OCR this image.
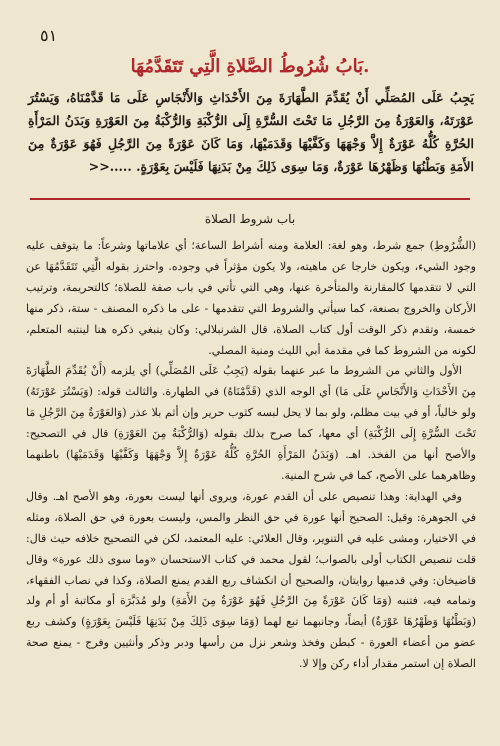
٥١
بَابُ شُرُوطُ الصَّلاةِ الَّتِي تَتَقَدَّمُهَا.
يَجِبُ عَلَى المُصَلِّي أَنْ يُقَدِّمَ الطَّهَارَةَ مِنَ الأَحْدَاثِ وَالأَنْجَاسِ عَلَى مَا قَدَّمْنَاهُ، وَيَسْتُرَ عَوْرَتَهُ، وَالعَوْرَةُ مِنَ الرَّجُلِ مَا تَحْتَ السُّرَّةِ إِلَى الرُّكْبَةِ وَالرُّكْبَةُ مِنَ العَوْرَةِ وَبَدَنُ المَرْأَةِ الحُرَّةِ كُلُّهُ عَوْرَةٌ إِلاَّ وَجْهَهَا وَكَفَّيْهَا وَقَدَمَيْهَا، وَمَا كَانَ عَوْرَةً مِنَ الرَّجُلِ فَهُوَ عَوْرَةٌ مِنَ الأَمَةِ وَبَطْنُهَا وَظَهْرُهَا عَوْرَةٌ، وَمَا سِوَى ذَلِكَ مِنْ بَدَنِهَا فَلَيْسَ بِعَوْرَةٍ. .....<<
باب شروط الصلاة

(الشُّرُوطِ) جمع شرط، وهو لغة: العلامة ومنه أشراط الساعة؛ أي علاماتها وشرعاً: ما يتوقف عليه وجود الشيء، ويكون خارجا عن ماهيته، ولا يكون مؤثراً في وجوده. واحترز بقوله الَّتِي تَتَقَدَّمُهَا عن التي لا تتقدمها كالمقارنة والمتأخرة عنها، وهي التي تأتي في باب صفة للصلاة؛ كالتحريمة، وترتيب الأركان والخروج بصنعة، كما سيأتي والشروط التي تتقدمها - على ما ذكره المصنف - ستة، ذكر منها خمسة، وتقدم ذكر الوقت أول كتاب الصلاة، قال الشرنبلالي: وكان ينبغي ذكره هنا لينتبه المتعلم، لكونه من الشروط كما في مقدمة أبي الليث ومنية المصلي.

الأول والثاني من الشروط ما عبر عنهما بقوله (يَجِبُ عَلَى المُصَلِّي) أي يلزمه (أَنْ يُقَدِّمَ الطَّهَارَةَ مِنَ الأَحْدَاثِ وَالأَنْجَاسِ عَلَى مَا) أي الوجه الذي (قَدَّمْنَاهُ) في الطهارة. والثالث قوله: (وَيَسْتُرَ عَوْرَتَهُ) ولو خالياً، أو في بيت مظلم، ولو بما لا يحل لبسه كثوب حرير وإن أثم بلا عذر (وَالعَوْرَةُ مِنَ الرَّجُلِ مَا تَحْتَ السُّرَّةِ إِلَى الرُّكْبَةِ) أي معها، كما صرح بذلك بقوله (وَالرُّكْبَةُ مِنَ العَوْرَةِ) قال في التصحيح: والأصح أنها من الفخذ. اهـ. (وَبَدَنُ المَرْأَةِ الحُرَّةِ كُلُّهُ عَوْرَةٌ إِلاَّ وَجْهَهَا وَكَفَّيْهَا وَقَدَمَيْهَا) باطنهما وظاهرهما على الأصح، كما في شرح المنية.

وفي الهداية: وهذا تنصيص على أن القدم عورة، ويروى أنها ليست بعورة، وهو الأصح اهـ. وقال في الجوهرة: وقيل: الصحيح أنها عورة في حق النظر والمس، وليست بعورة في حق الصلاة، ومثله في الاختيار، ومشى عليه في التنوير، وقال العلائي: عليه المعتمد، لكن في التصحيح خلافه حيث قال: قلت تنصيص الكتاب أولى بالصواب؛ لقول محمد في كتاب الاستحسان «وما سوى ذلك عورة» وقال قاضيخان: وفي قدميها روايتان، والصحيح أن انكشاف ربع القدم يمنع الصلاة، وكذا في نصاب الفقهاء، وتمامه فيه، فتنبه (وَمَا كَانَ عَوْرَةً مِنَ الرَّجُلِ فَهُوَ عَوْرَةٌ مِنَ الأَمَةِ) ولو مُدَبَّرَة أو مكاتبة أو أم ولد (وَبَطْنُهَا وَظَهْرُهَا عَوْرَةٌ) أيضاً، وجانبهما تبع لهما (وَمَا سِوَى ذَلِكَ مِنْ بَدَنِهَا فَلَيْسَ بِعَوْرَةٍ) وكشف ربع عضو من أعضاء العورة - كبطن وفخذ وشعر نزل من رأسها ودبر وذكر وأنثيين وفرج - يمنع صحة الصلاة إن استمر مقدار أداء ركن وإلا لا.
